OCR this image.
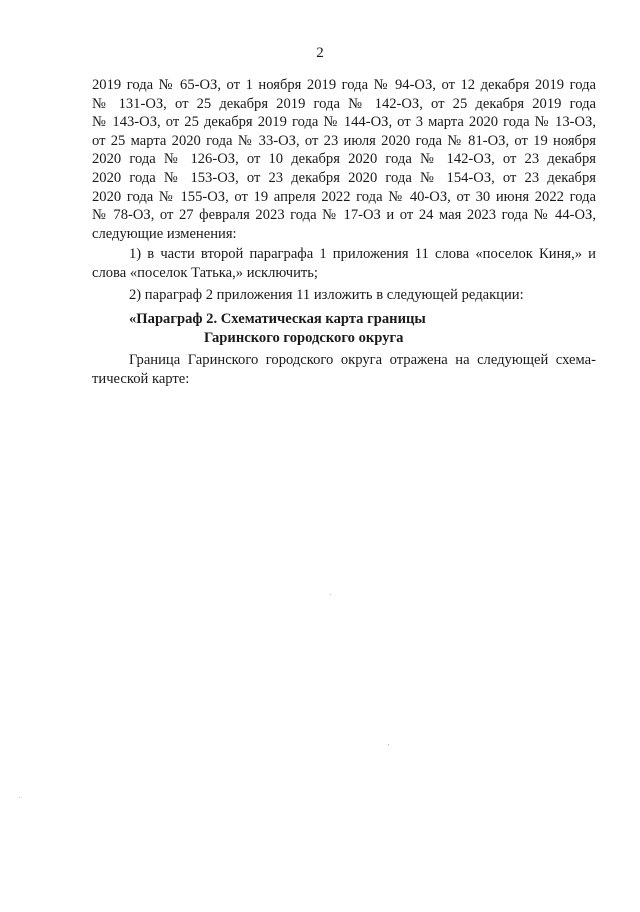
2
2019 года № 65-ОЗ, от 1 ноября 2019 года № 94-ОЗ, от 12 декабря 2019 года
№ 131-ОЗ, от 25 декабря 2019 года № 142-ОЗ, от 25 декабря 2019 года
№ 143-ОЗ, от 25 декабря 2019 года № 144-ОЗ, от 3 марта 2020 года № 13-ОЗ,
от 25 марта 2020 года № 33-ОЗ, от 23 июля 2020 года № 81-ОЗ, от 19 ноября
2020 года № 126-ОЗ, от 10 декабря 2020 года № 142-ОЗ, от 23 декабря
2020 года № 153-ОЗ, от 23 декабря 2020 года № 154-ОЗ, от 23 декабря
2020 года № 155-ОЗ, от 19 апреля 2022 года № 40-ОЗ, от 30 июня 2022 года
№ 78-ОЗ, от 27 февраля 2023 года № 17-ОЗ и от 24 мая 2023 года № 44-ОЗ,
следующие изменения:

1) в части второй параграфа 1 приложения 11 слова «поселок Киня,» и слова «поселок Татька,» исключить;

2) параграф 2 приложения 11 изложить в следующей редакции:

«Параграф 2. Схематическая карта границы
Гаринского городского округа

Граница Гаринского городского округа отражена на следующей схематической карте:
